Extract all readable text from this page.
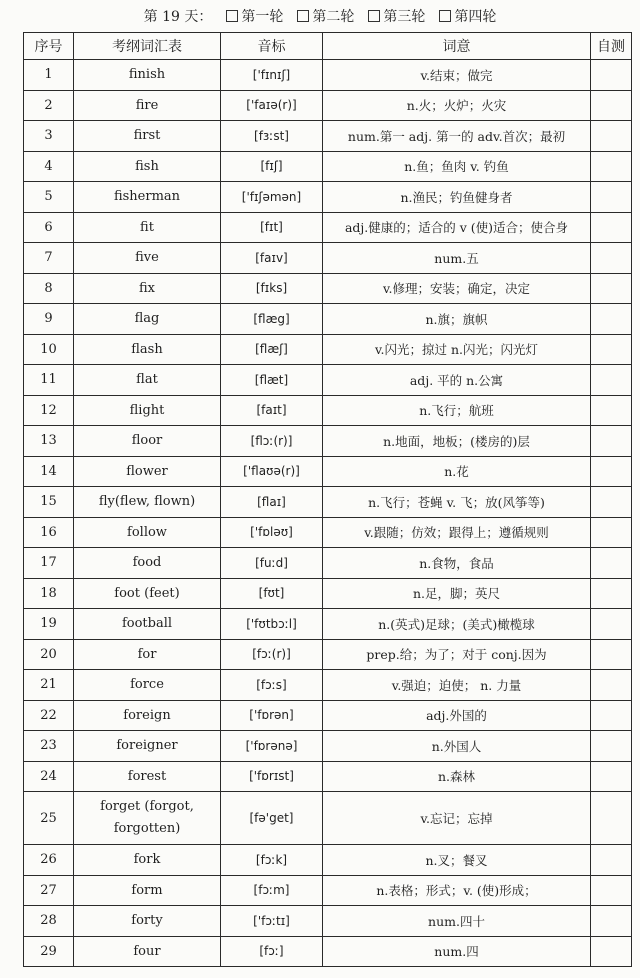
第 19 天： 第一轮 第二轮 第三轮 第四轮
序号	考纲词汇表	音标	词意	自测
1	finish	['fɪnɪʃ]	v.结束；做完	
2	fire	['faɪə(r)]	n.火；火炉；火灾	
3	first	[fɜːst]	num.第一 adj. 第一的 adv.首次；最初	
4	fish	[fɪʃ]	n.鱼；鱼肉 v. 钓鱼	
5	fisherman	['fɪʃəmən]	n.渔民；钓鱼健身者	
6	fit	[fɪt]	adj.健康的；适合的 v (使)适合；使合身	
7	five	[faɪv]	num.五	
8	fix	[fɪks]	v.修理；安装；确定，决定	
9	flag	[flæg]	n.旗；旗帜	
10	flash	[flæʃ]	v.闪光；掠过 n.闪光；闪光灯	
11	flat	[flæt]	adj. 平的 n.公寓	
12	flight	[faɪt]	n.飞行；航班	
13	floor	[flɔː(r)]	n.地面，地板；(楼房的)层	
14	flower	['flaʊə(r)]	n.花	
15	fly(flew, flown)	[flaɪ]	n.飞行；苍蝇 v. 飞；放(风筝等)	
16	follow	['fɒləʊ]	v.跟随；仿效；跟得上；遵循规则	
17	food	[fuːd]	n.食物，食品	
18	foot (feet)	[fʊt]	n.足，脚；英尺	
19	football	['fʊtbɔːl]	n.(英式)足球；(美式)橄榄球	
20	for	[fɔː(r)]	prep.给；为了；对于 conj.因为	
21	force	[fɔːs]	v.强迫；迫使； n. 力量	
22	foreign	['fɒrən]	adj.外国的	
23	foreigner	['fɒrənə]	n.外国人	
24	forest	['fɒrɪst]	n.森林	
25	forget (forgot, forgotten)	[fə'get]	v.忘记；忘掉	
26	fork	[fɔːk]	n.叉；餐叉	
27	form	[fɔːm]	n.表格；形式；v. (使)形成；	
28	forty	['fɔːtɪ]	num.四十	
29	four	[fɔː]	num.四	
